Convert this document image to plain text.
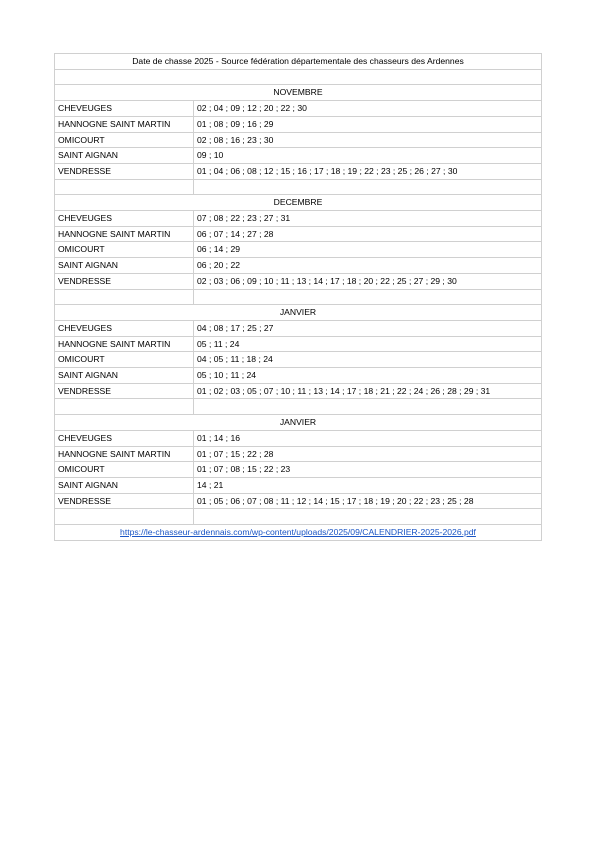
Date de chasse 2025 - Source fédération départementale des chasseurs des Ardennes	

NOVEMBRE	
CHEVEUGES	02 ; 04 ; 09 ; 12 ; 20 ; 22 ; 30
HANNOGNE SAINT MARTIN	01 ; 08 ; 09 ; 16 ; 29
OMICOURT	02 ; 08 ; 16 ; 23 ; 30
SAINT AIGNAN	09 ; 10
VENDRESSE	01 ; 04 ; 06 ; 08 ; 12 ; 15 ; 16 ; 17 ; 18 ; 19 ; 22 ; 23 ; 25 ; 26 ; 27 ; 30

DECEMBRE	
CHEVEUGES	07 ; 08 ; 22 ; 23 ; 27 ; 31
HANNOGNE SAINT MARTIN	06 ; 07 ; 14 ; 27 ; 28
OMICOURT	06 ; 14 ; 29
SAINT AIGNAN	06 ; 20 ; 22
VENDRESSE	02 ; 03 ; 06 ; 09 ; 10 ; 11 ; 13 ; 14 ; 17 ; 18 ; 20 ; 22 ; 25 ; 27 ; 29 ; 30

JANVIER	
CHEVEUGES	04 ; 08 ; 17 ; 25 ; 27
HANNOGNE SAINT MARTIN	05 ; 11 ; 24
OMICOURT	04 ; 05 ; 11 ; 18 ; 24
SAINT AIGNAN	05 ; 10 ; 11 ; 24
VENDRESSE	01 ; 02 ; 03 ; 05 ; 07 ; 10 ; 11 ; 13 ; 14 ; 17 ; 18 ; 21 ; 22 ; 24 ; 26 ; 28 ; 29 ; 31

JANVIER	
CHEVEUGES	01 ; 14 ; 16
HANNOGNE SAINT MARTIN	01 ; 07 ; 15 ; 22 ; 28
OMICOURT	01 ; 07 ; 08 ; 15 ; 22 ; 23
SAINT AIGNAN	14 ; 21
VENDRESSE	01 ; 05 ; 06 ; 07 ; 08 ; 11 ; 12 ; 14 ; 15 ; 17 ; 18 ; 19 ; 20 ; 22 ; 23 ; 25 ; 28

https://le-chasseur-ardennais.com/wp-content/uploads/2025/09/CALENDRIER-2025-2026.pdf	
